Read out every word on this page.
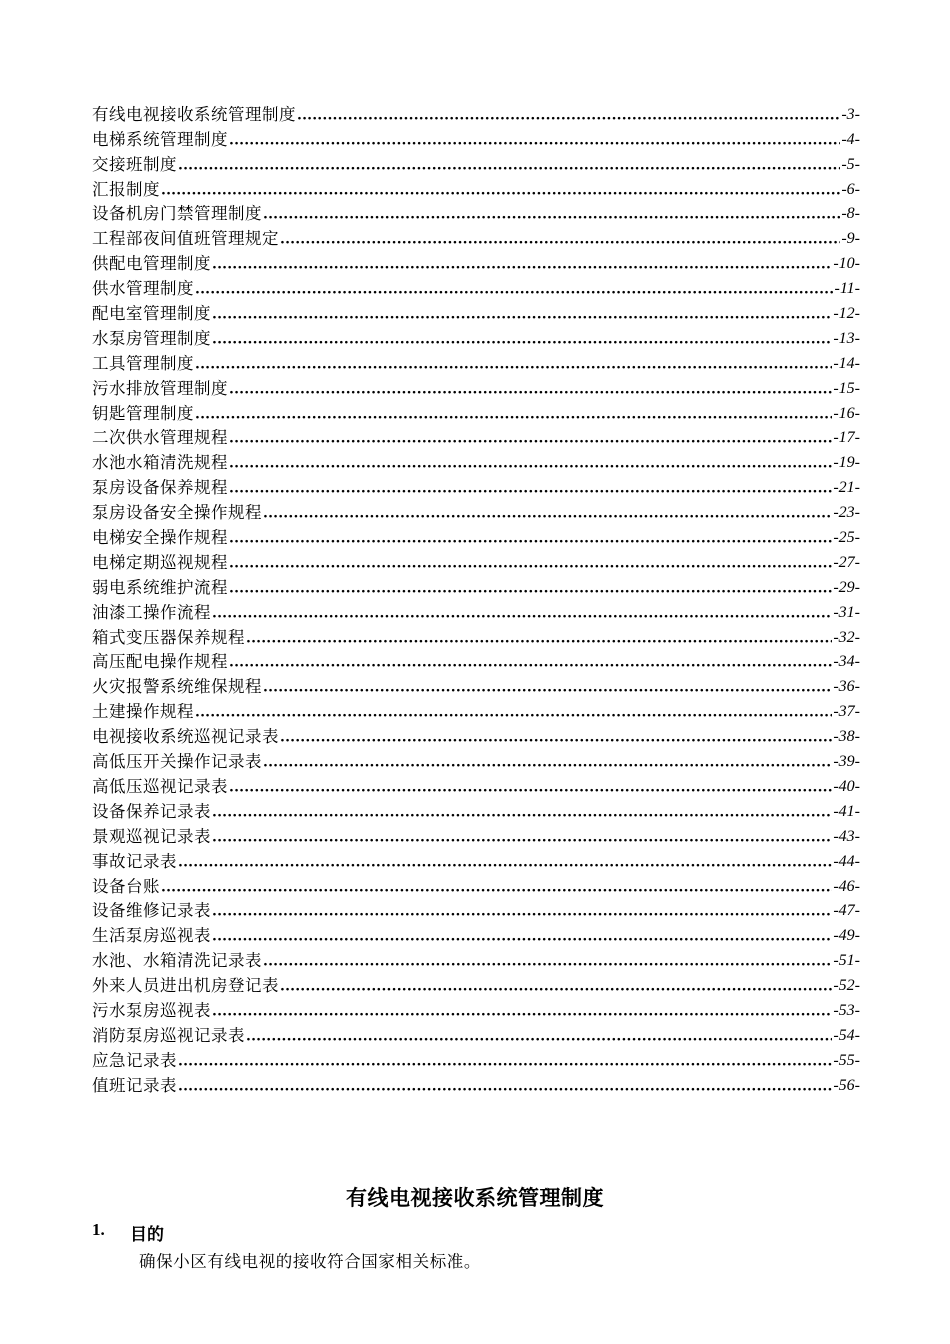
有线电视接收系统管理制度 ·····	-3-
电梯系统管理制度 ·····	-4-
交接班制度 ·····	-5-
汇报制度 ·····	-6-
设备机房门禁管理制度 ·····	-8-
工程部夜间值班管理规定 ·····	-9-
供配电管理制度 ·····	-10-
供水管理制度 ·····	-11-
配电室管理制度 ·····	-12-
水泵房管理制度 ·····	-13-
工具管理制度 ·····	-14-
污水排放管理制度 ·····	-15-
钥匙管理制度 ·····	-16-
二次供水管理规程 ·····	-17-
水池水箱清洗规程 ·····	-19-
泵房设备保养规程 ·····	-21-
泵房设备安全操作规程 ·····	-23-
电梯安全操作规程 ·····	-25-
电梯定期巡视规程 ·····	-27-
弱电系统维护流程 ·····	-29-
油漆工操作流程 ·····	-31-
箱式变压器保养规程 ·····	-32-
高压配电操作规程 ·····	-34-
火灾报警系统维保规程 ·····	-36-
土建操作规程 ·····	-37-
电视接收系统巡视记录表 ·····	-38-
高低压开关操作记录表 ·····	-39-
高低压巡视记录表 ·····	-40-
设备保养记录表 ·····	-41-
景观巡视记录表 ·····	-43-
事故记录表 ·····	-44-
设备台账 ·····	-46-
设备维修记录表 ·····	-47-
生活泵房巡视表 ·····	-49-
水池、水箱清洗记录表 ·····	-51-
外来人员进出机房登记表 ·····	-52-
污水泵房巡视表 ·····	-53-
消防泵房巡视记录表 ·····	-54-
应急记录表 ·····	-55-
值班记录表 ·····	-56-
有线电视接收系统管理制度
1.	目的
确保小区有线电视的接收符合国家相关标准。
